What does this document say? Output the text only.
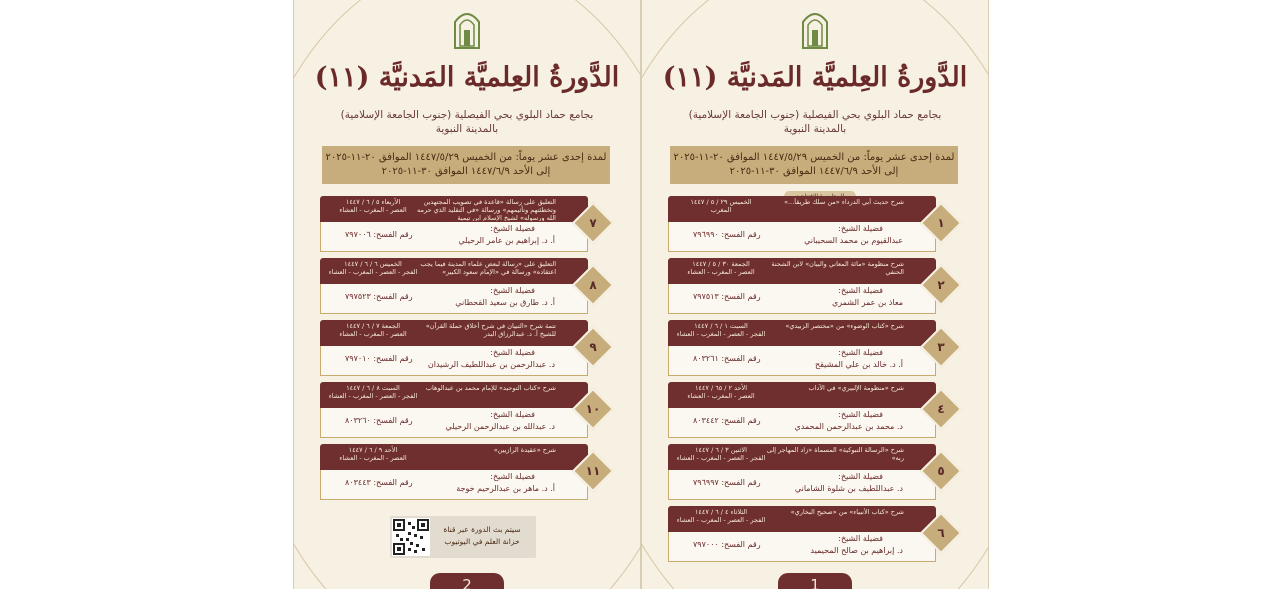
الدَّورةُ العِلميَّة المَدنيَّة (١١)
بجامع حماد البلوي بحي الفيصلية (جنوب الجامعة الإسلامية)
بالمدينة النبوية
لمدة إحدى عشر يوماً: من الخميس ١٤٤٧/٥/٢٩ الموافق ٢٠-١١-٢٠٢٥
إلى الأحد ١٤٤٧/٦/٩ الموافق ٣٠-١١-٢٠٢٥
التعليق على رسالة «قاعدة في تصويب المجتهدين وتخطئتهم وتأثيمهم» ورسالة «في التقليد الذي حرمه الله ورسوله» لشيخ الإسلام ابن تيمية
الأربعاء ٥ / ٦ / ١٤٤٧
العصر - المغرب - العشاء
فضيلة الشيخ:
أ. د. إبراهيم بن عامر الرحيلي
رقم الفسح: ٧٩٧٠٠٦
٧
التعليق على «رسالة لبعض علماء المدينة فيما يجب اعتقاده» ورسالة في «الإمام سعود الكبير»
الخميس ٦ / ٦ / ١٤٤٧
الفجر - العصر - المغرب - العشاء
فضيلة الشيخ:
أ. د. طارق بن سعيد القحطاني
رقم الفسح: ٧٩٧٥٢٣
٨
تتمة شرح «التبيان في شرح أخلاق حملة القرآن» للشيخ أ. د. عبدالرزاق البدر
الجمعة ٧ / ٦ / ١٤٤٧
العصر - المغرب - العشاء
فضيلة الشيخ:
د. عبدالرحمن بن عبداللطيف الرشيدان
رقم الفسح: ٧٩٧٠١٠
٩
شرح «كتاب التوحيد» للإمام محمد بن عبدالوهاب
السبت ٨ / ٦ / ١٤٤٧
الفجر - العصر - المغرب - العشاء
فضيلة الشيخ:
د. عبدالله بن عبدالرحمن الرحيلي
رقم الفسح: ٨٠٣٢٦٠
١٠
شرح «عقيدة الرازيين»
الأحد ٩ / ٦ / ١٤٤٧
العصر - المغرب - العشاء
فضيلة الشيخ:
أ. د. ماهر بن عبدالرحيم خوجة
رقم الفسح: ٨٠٣٤٤٣
١١
سيتم بث الدورة عبر قناة
خزانة العلم في اليوتيوب
2
الدَّورةُ العِلميَّة المَدنيَّة (١١)
بجامع حماد البلوي بحي الفيصلية (جنوب الجامعة الإسلامية)
بالمدينة النبوية
لمدة إحدى عشر يوماً: من الخميس ١٤٤٧/٥/٢٩ الموافق ٢٠-١١-٢٠٢٥
إلى الأحد ١٤٤٧/٦/٩ الموافق ٣٠-١١-٢٠٢٥
شرح حديث أبي الدرداء «من سلك طريقاً...»
الخميس ٢٩ / ٥ / ١٤٤٧
المغرب
فضيلة الشيخ:
عبدالقيوم بن محمد السحيباني
رقم الفسح: ٧٩٦٩٩٠
١
شرح منظومة «مائة المعاني والبيان» لابن الشحنة الحنفي
الجمعة ٣٠ / ٥ / ١٤٤٧
العصر - المغرب - العشاء
فضيلة الشيخ:
معاذ بن عمر الشمري
رقم الفسح: ٧٩٧٥١٣
٢
شرح «كتاب الوضوء» من «مختصر الزبيدي»
السبت ١ / ٦ / ١٤٤٧
الفجر - العصر - المغرب - العشاء
فضيلة الشيخ:
أ. د. خالد بن علي المشيقح
رقم الفسح: ٨٠٣٢٦١
٣
شرح «منظومة الإلبيري» في الآداب
الأحد ٢ / ٦٥ / ١٤٤٧
العصر - المغرب - العشاء
فضيلة الشيخ:
د. محمد بن عبدالرحمن المحمدي
رقم الفسح: ٨٠٣٤٤٢
٤
شرح «الرسالة التبوكية» المسماة «زاد المهاجر إلى ربه»
الاثنين ٣ / ٦ / ١٤٤٧
الفجر - العصر - المغرب - العشاء
فضيلة الشيخ:
د. عبداللطيف بن شلوة الشاماني
رقم الفسح: ٧٩٦٩٩٧
٥
شرح «كتاب الأنبياء» من «صحيح البخاري»
الثلاثاء ٤ / ٦ / ١٤٤٧
الفجر - العصر - المغرب - العشاء
فضيلة الشيخ:
د. إبراهيم بن صالح المحيميد
رقم الفسح: ٧٩٧٠٠٠
٦
1
